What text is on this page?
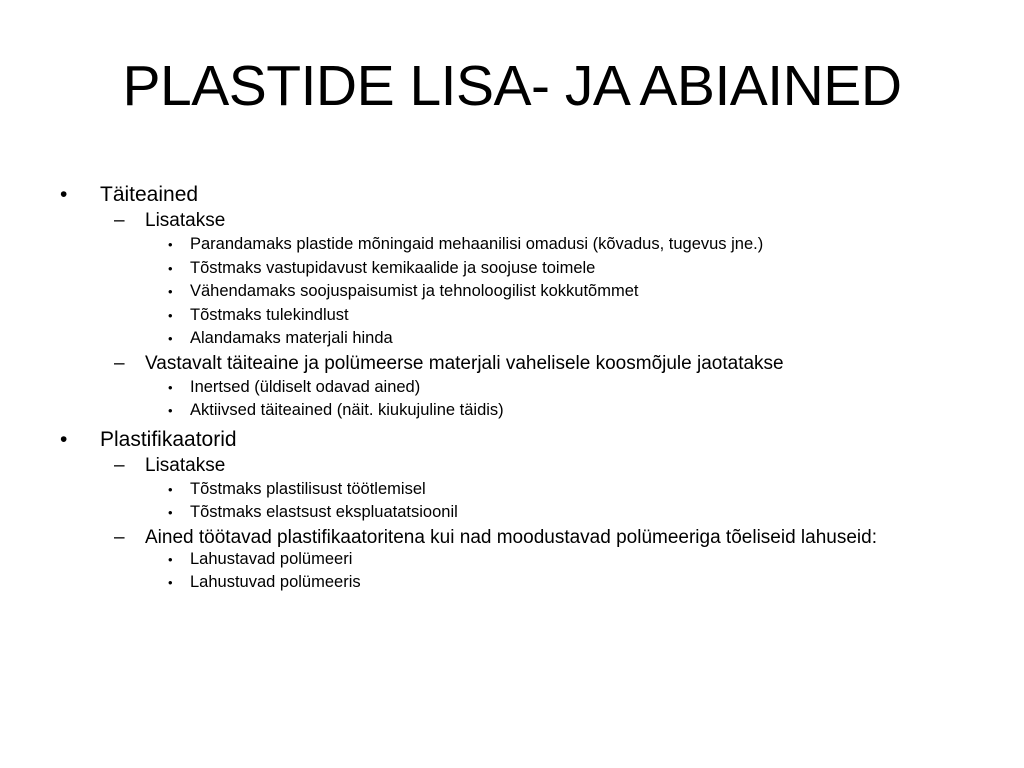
PLASTIDE LISA- JA ABIAINED
• Täiteained
– Lisatakse
• Parandamaks plastide mõningaid mehaanilisi omadusi (kõvadus, tugevus jne.)
• Tõstmaks vastupidavust kemikaalide ja soojuse toimele
• Vähendamaks soojuspaisumist ja tehnoloogilist kokkutõmmet
• Tõstmaks tulekindlust
• Alandamaks materjali hinda
– Vastavalt täiteaine ja polümeerse materjali vahelisele koosmõjule jaotatakse
• Inertsed (üldiselt odavad ained)
• Aktiivsed täiteained (näit. kiukujuline täidis)
• Plastifikaatorid
– Lisatakse
• Tõstmaks plastilisust töötlemisel
• Tõstmaks elastsust ekspluatatsioonil
– Ained töötavad plastifikaatoritena kui nad moodustavad polümeeriga tõeliseid lahuseid:
• Lahustavad polümeeri
• Lahustuvad polümeeris
